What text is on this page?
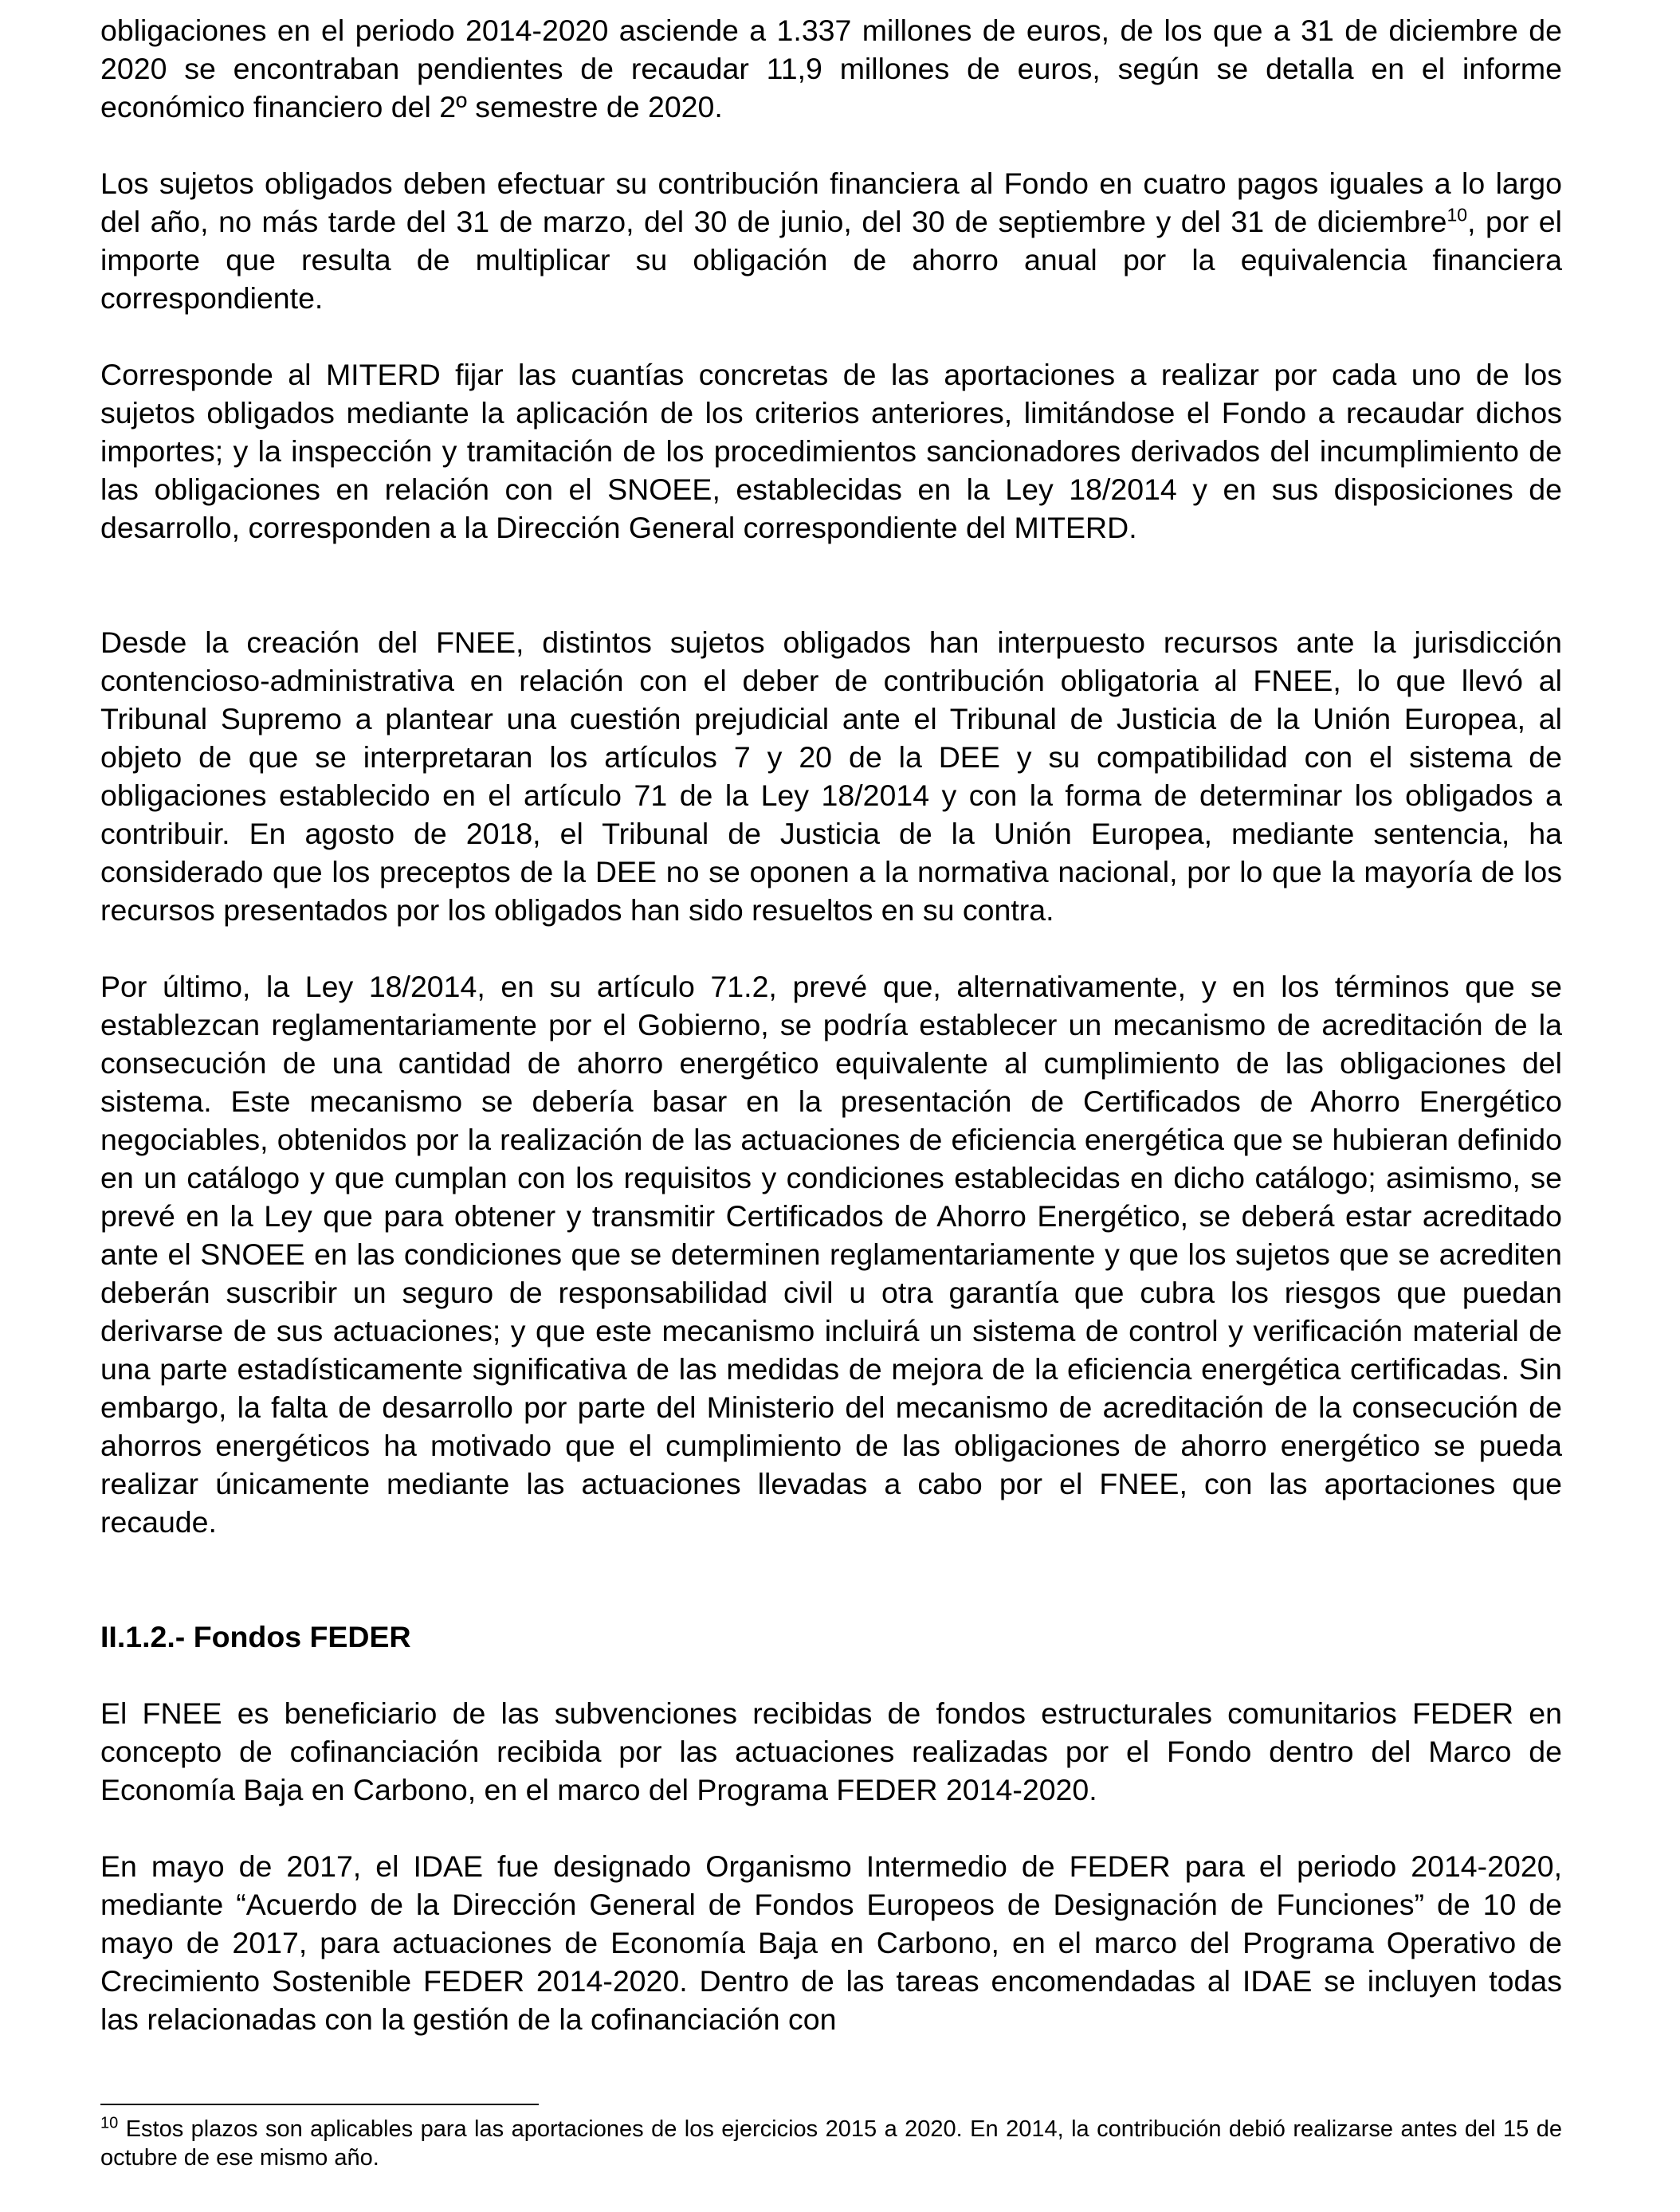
obligaciones en el periodo 2014-2020 asciende a 1.337 millones de euros, de los que a 31 de diciembre de 2020 se encontraban pendientes de recaudar 11,9 millones de euros, según se detalla en el informe económico financiero del 2º semestre de 2020.

Los sujetos obligados deben efectuar su contribución financiera al Fondo en cuatro pagos iguales a lo largo del año, no más tarde del 31 de marzo, del 30 de junio, del 30 de septiembre y del 31 de diciembre$^{10}$, por el importe que resulta de multiplicar su obligación de ahorro anual por la equivalencia financiera correspondiente.

Corresponde al MITERD fijar las cuantías concretas de las aportaciones a realizar por cada uno de los sujetos obligados mediante la aplicación de los criterios anteriores, limitándose el Fondo a recaudar dichos importes; y la inspección y tramitación de los procedimientos sancionadores derivados del incumplimiento de las obligaciones en relación con el SNOEE, establecidas en la Ley 18/2014 y en sus disposiciones de desarrollo, corresponden a la Dirección General correspondiente del MITERD.

Desde la creación del FNEE, distintos sujetos obligados han interpuesto recursos ante la jurisdicción contencioso-administrativa en relación con el deber de contribución obligatoria al FNEE, lo que llevó al Tribunal Supremo a plantear una cuestión prejudicial ante el Tribunal de Justicia de la Unión Europea, al objeto de que se interpretaran los artículos 7 y 20 de la DEE y su compatibilidad con el sistema de obligaciones establecido en el artículo 71 de la Ley 18/2014 y con la forma de determinar los obligados a contribuir. En agosto de 2018, el Tribunal de Justicia de la Unión Europea, mediante sentencia, ha considerado que los preceptos de la DEE no se oponen a la normativa nacional, por lo que la mayoría de los recursos presentados por los obligados han sido resueltos en su contra.

Por último, la Ley 18/2014, en su artículo 71.2, prevé que, alternativamente, y en los términos que se establezcan reglamentariamente por el Gobierno, se podría establecer un mecanismo de acreditación de la consecución de una cantidad de ahorro energético equivalente al cumplimiento de las obligaciones del sistema. Este mecanismo se debería basar en la presentación de Certificados de Ahorro Energético negociables, obtenidos por la realización de las actuaciones de eficiencia energética que se hubieran definido en un catálogo y que cumplan con los requisitos y condiciones establecidas en dicho catálogo; asimismo, se prevé en la Ley que para obtener y transmitir Certificados de Ahorro Energético, se deberá estar acreditado ante el SNOEE en las condiciones que se determinen reglamentariamente y que los sujetos que se acrediten deberán suscribir un seguro de responsabilidad civil u otra garantía que cubra los riesgos que puedan derivarse de sus actuaciones; y que este mecanismo incluirá un sistema de control y verificación material de una parte estadísticamente significativa de las medidas de mejora de la eficiencia energética certificadas. Sin embargo, la falta de desarrollo por parte del Ministerio del mecanismo de acreditación de la consecución de ahorros energéticos ha motivado que el cumplimiento de las obligaciones de ahorro energético se pueda realizar únicamente mediante las actuaciones llevadas a cabo por el FNEE, con las aportaciones que recaude.

II.1.2.- Fondos FEDER

El FNEE es beneficiario de las subvenciones recibidas de fondos estructurales comunitarios FEDER en concepto de cofinanciación recibida por las actuaciones realizadas por el Fondo dentro del Marco de Economía Baja en Carbono, en el marco del Programa FEDER 2014-2020.

En mayo de 2017, el IDAE fue designado Organismo Intermedio de FEDER para el periodo 2014-2020, mediante “Acuerdo de la Dirección General de Fondos Europeos de Designación de Funciones” de 10 de mayo de 2017, para actuaciones de Economía Baja en Carbono, en el marco del Programa Operativo de Crecimiento Sostenible FEDER 2014-2020. Dentro de las tareas encomendadas al IDAE se incluyen todas las relacionadas con la gestión de la cofinanciación con

$^{10}$ Estos plazos son aplicables para las aportaciones de los ejercicios 2015 a 2020. En 2014, la contribución debió realizarse antes del 15 de octubre de ese mismo año.
